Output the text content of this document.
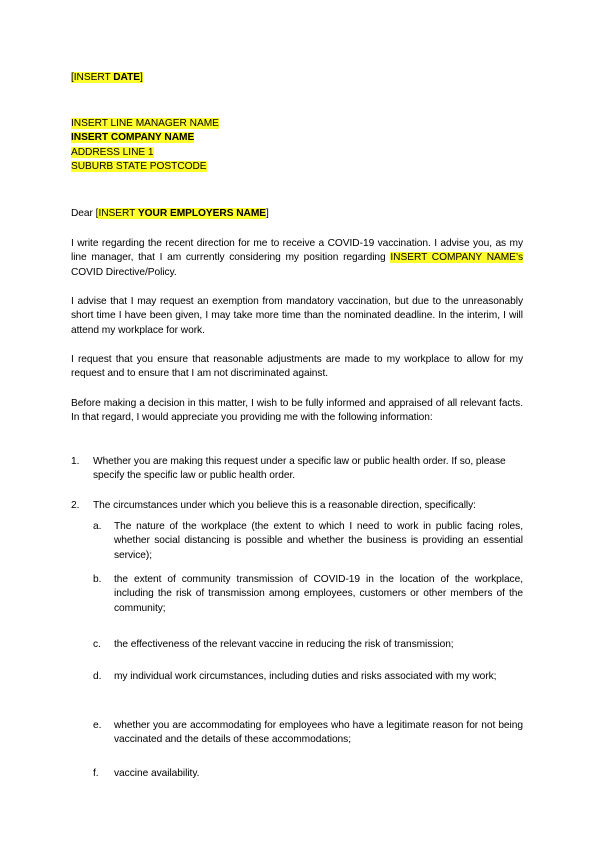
[INSERT DATE]
INSERT LINE MANAGER NAME
INSERT COMPANY NAME
ADDRESS LINE 1
SUBURB STATE POSTCODE
Dear [INSERT YOUR EMPLOYERS NAME]
I write regarding the recent direction for me to receive a COVID-19 vaccination. I advise you, as my line manager, that I am currently considering my position regarding INSERT COMPANY NAME’s COVID Directive/Policy.
I advise that I may request an exemption from mandatory vaccination, but due to the unreasonably short time I have been given, I may take more time than the nominated deadline. In the interim, I will attend my workplace for work.
I request that you ensure that reasonable adjustments are made to my workplace to allow for my request and to ensure that I am not discriminated against.
Before making a decision in this matter, I wish to be fully informed and appraised of all relevant facts. In that regard, I would appreciate you providing me with the following information:
1. Whether you are making this request under a specific law or public health order. If so, please specify the specific law or public health order.
2. The circumstances under which you believe this is a reasonable direction, specifically:
a. The nature of the workplace (the extent to which I need to work in public facing roles, whether social distancing is possible and whether the business is providing an essential service);
b. the extent of community transmission of COVID-19 in the location of the workplace, including the risk of transmission among employees, customers or other members of the community;
c. the effectiveness of the relevant vaccine in reducing the risk of transmission;
d. my individual work circumstances, including duties and risks associated with my work;
e. whether you are accommodating for employees who have a legitimate reason for not being vaccinated and the details of these accommodations;
f. vaccine availability.
